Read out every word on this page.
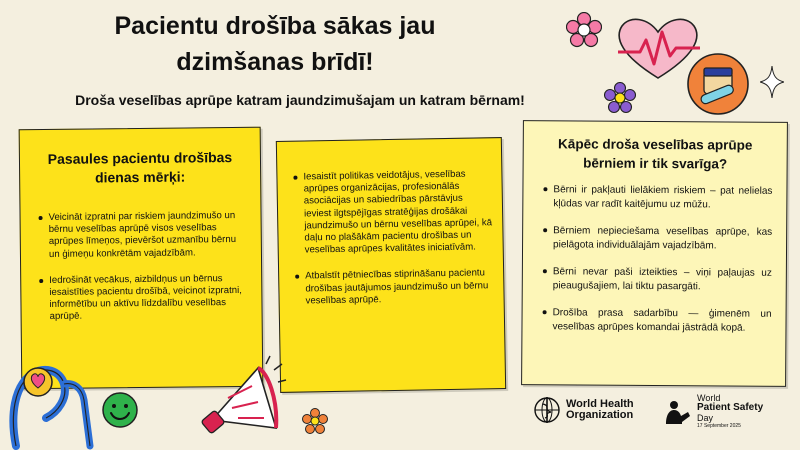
Pacientu drošība sākas jau dzimšanas brīdī!

Droša veselības aprūpe katram jaundzimušajam un katram bērnam!

Pasaules pacientu drošības dienas mērķi:
Veicināt izpratni par riskiem jaundzimušo un bērnu veselības aprūpē visos veselības aprūpes līmeņos, pievēršot uzmanību bērnu un ģimeņu konkrētām vajadzībām.
Iedrošināt vecākus, aizbildņus un bērnus iesaistīties pacientu drošībā, veicinot izpratni, informētību un aktīvu līdzdalību veselības aprūpē.
Iesaistīt politikas veidotājus, veselības aprūpes organizācijas, profesionālās asociācijas un sabiedrības pārstāvjus ieviest ilgtspējīgas stratēģijas drošākai jaundzimušo un bērnu veselības aprūpei, kā daļu no plašākām pacientu drošības un veselības aprūpes kvalitātes iniciatīvām.
Atbalstīt pētniecības stiprināšanu pacientu drošības jautājumos jaundzimušo un bērnu veselības aprūpē.
Kāpēc droša veselības aprūpe bērniem ir tik svarīga?
Bērni ir pakļauti lielākiem riskiem – pat nelielas kļūdas var radīt kaitējumu uz mūžu.
Bērniem nepieciešama veselības aprūpe, kas pielāgota individuālajām vajadzībām.
Bērni nevar paši izteikties – viņi paļaujas uz pieaugušajiem, lai tiktu pasargāti.
Drošība prasa sadarbību — ģimenēm un veselības aprūpes komandai jāstrādā kopā.
World Health
Organization
World
Patient Safety
Day
17 September 2025
